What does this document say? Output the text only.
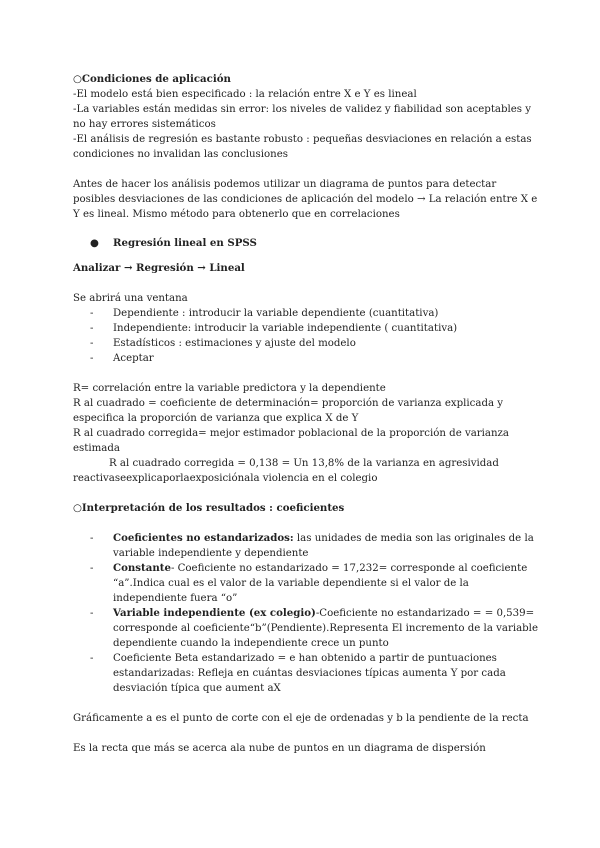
○Condiciones de aplicación

-El modelo está bien especificado : la relación entre X e Y es lineal

-La variables están medidas sin error: los niveles de validez y fiabilidad son aceptables y no hay errores sistemáticos

-El análisis de regresión es bastante robusto : pequeñas desviaciones en relación a estas condiciones no invalidan las conclusiones

Antes de hacer los análisis podemos utilizar un diagrama de puntos para detectar posibles desviaciones de las condiciones de aplicación del modelo → La relación entre X e Y es lineal. Mismo método para obtenerlo que en correlaciones

●	Regresión lineal en SPSS

Analizar → Regresión → Lineal

Se abrirá una ventana

-	Dependiente : introducir la variable dependiente (cuantitativa)
-	Independiente: introducir la variable independiente ( cuantitativa)
-	Estadísticos : estimaciones y ajuste del modelo
-	Aceptar

R= correlación entre la variable predictora y la dependiente

R al cuadrado = coeficiente de determinación= proporción de varianza explicada y especifica la proporción de varianza que explica X de Y

R al cuadrado corregida= mejor estimador poblacional de la proporción de varianza estimada

R al cuadrado corregida = 0,138 = Un 13,8% de la varianza en agresividad reactivaseexplicaporlaexposiciónala violencia en el colegio

○Interpretación de los resultados : coeficientes

-	Coeficientes no estandarizados: las unidades de media son las originales de la variable independiente y dependiente
-	Constante- Coeficiente no estandarizado = 17,232= corresponde al coeficiente “a”.Indica cual es el valor de la variable dependiente si el valor de la independiente fuera “o”
-	Variable independiente (ex colegio)-Coeficiente no estandarizado = = 0,539= corresponde al coeficiente“b”(Pendiente).Representa El incremento de la variable dependiente cuando la independiente crece un punto
-	Coeficiente Beta estandarizado = e han obtenido a partir de puntuaciones estandarizadas: Refleja en cuántas desviaciones típicas aumenta Y por cada desviación típica que aument aX

Gráficamente a es el punto de corte con el eje de ordenadas y b la pendiente de la recta

Es la recta que más se acerca ala nube de puntos en un diagrama de dispersión
